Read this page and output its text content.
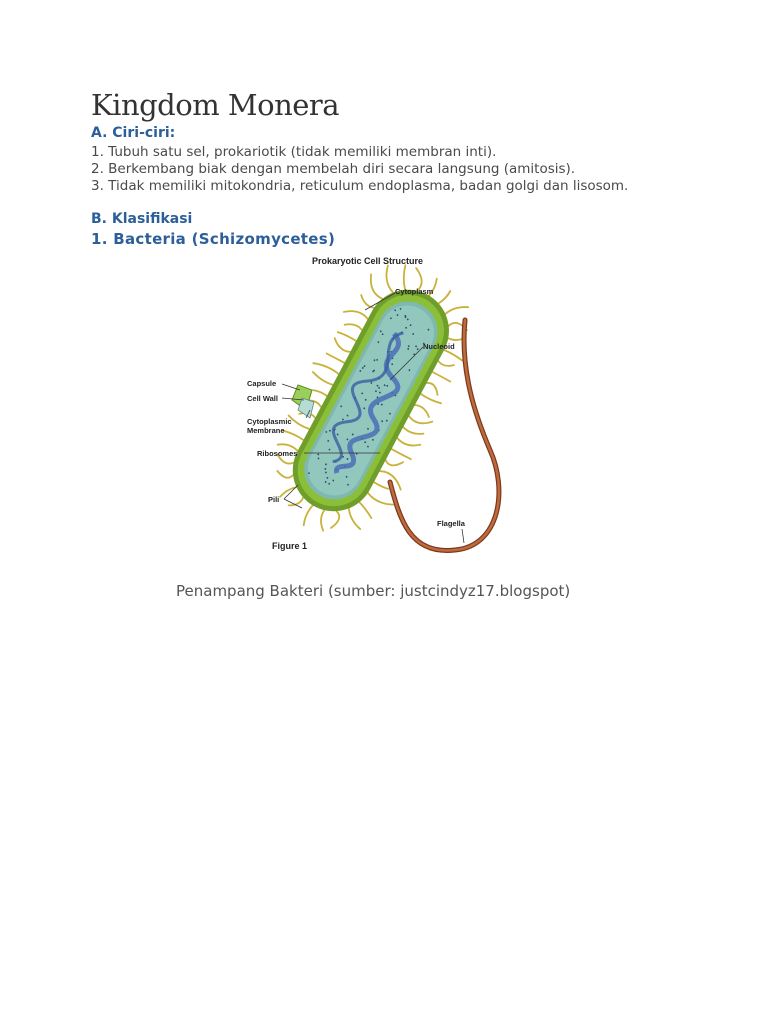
Kingdom Monera
A. Ciri-ciri:
1. Tubuh satu sel, prokariotik (tidak memiliki membran inti).
2. Berkembang biak dengan membelah diri secara langsung (amitosis).
3. Tidak memiliki mitokondria, reticulum endoplasma, badan golgi dan lisosom.
B. Klasifikasi
1. Bacteria (Schizomycetes)
Prokaryotic Cell Structure
Cytoplasm
Nucleoid
Capsule
Cell Wall
Cytoplasmic
Membrane
Ribosomes
Pili
Flagella
Figure 1

Penampang Bakteri (sumber: justcindyz17.blogspot)
